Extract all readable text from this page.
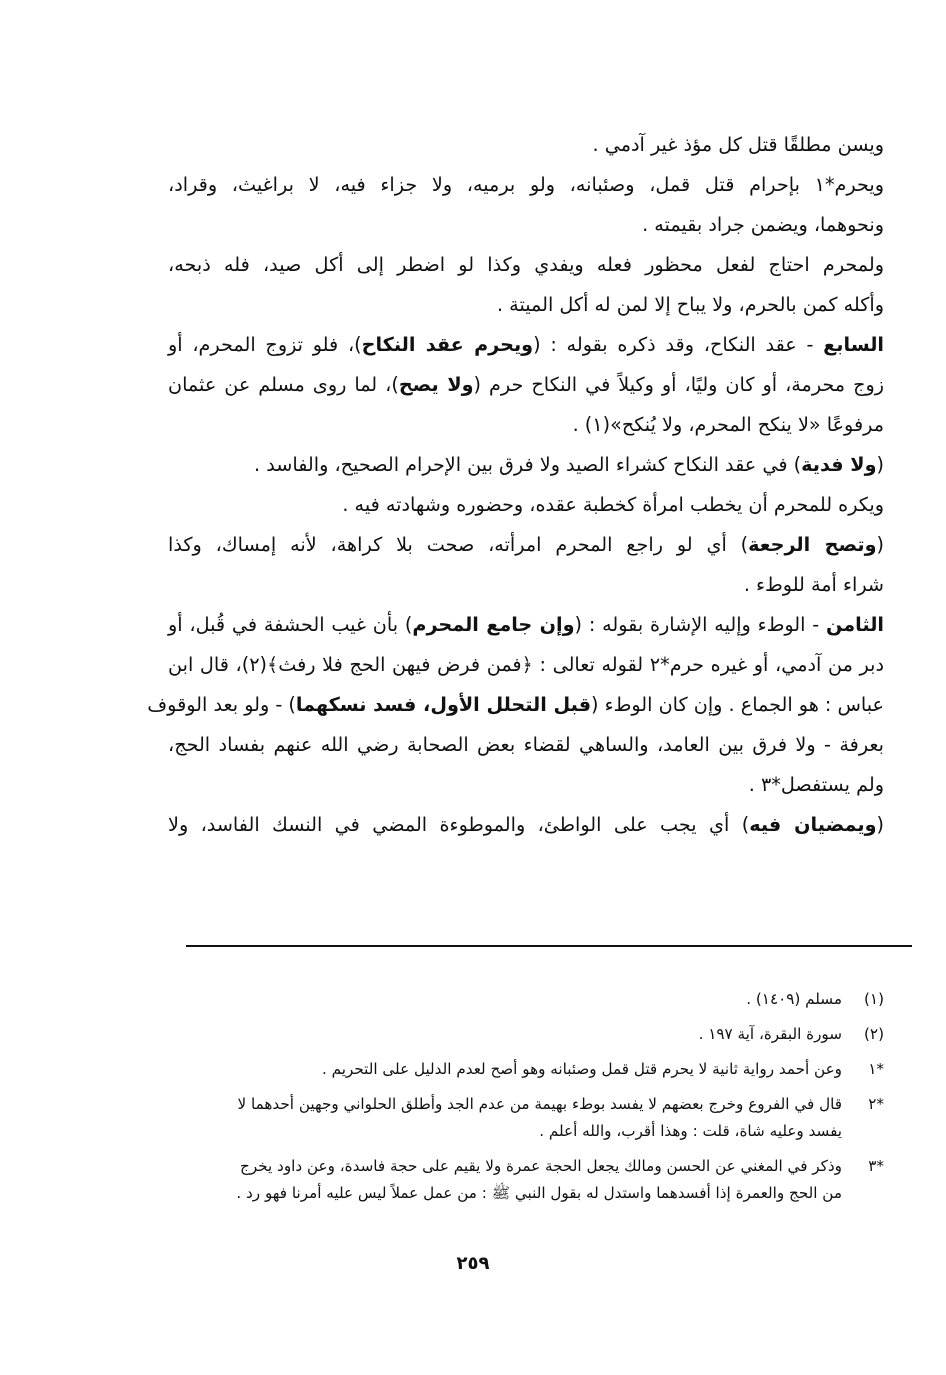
ويسن مطلقًا قتل كل مؤذ غير آدمي .
ويحرم*١ بإحرام قتل قمل، وصئبانه، ولو برميه، ولا جزاء فيه، لا براغيث، وقراد،
ونحوهما، ويضمن جراد بقيمته .
ولمحرم احتاج لفعل محظور فعله ويفدي وكذا لو اضطر إلى أكل صيد، فله ذبحه،
وأكله كمن بالحرم، ولا يباح إلا لمن له أكل الميتة .
السابع - عقد النكاح، وقد ذكره بقوله : (ويحرم عقد النكاح)، فلو تزوج المحرم، أو
زوج محرمة، أو كان وليًا، أو وكيلاً في النكاح حرم (ولا يصح)، لما روى مسلم عن عثمان
مرفوعًا «لا ينكح المحرم، ولا يُنكح»(١) .
(ولا فدية) في عقد النكاح كشراء الصيد ولا فرق بين الإحرام الصحيح، والفاسد .
ويكره للمحرم أن يخطب امرأة كخطبة عقده، وحضوره وشهادته فيه .
(وتصح الرجعة) أي لو راجع المحرم امرأته، صحت بلا كراهة، لأنه إمساك، وكذا
شراء أمة للوطء .
الثامن - الوطء وإليه الإشارة بقوله : (وإن جامع المحرم) بأن غيب الحشفة في قُبل، أو
دبر من آدمي، أو غيره حرم*٢ لقوله تعالى : ﴿فمن فرض فيهن الحج فلا رفث﴾(٢)، قال ابن
عباس : هو الجماع . وإن كان الوطء (قبل التحلل الأول، فسد نسكهما) - ولو بعد الوقوف
بعرفة - ولا فرق بين العامد، والساهي لقضاء بعض الصحابة رضي الله عنهم بفساد الحج،
ولم يستفصل*٣ .
(ويمضيان فيه) أي يجب على الواطئ، والموطوءة المضي في النسك الفاسد، ولا
(١)
مسلم (١٤٠٩) .
(٢)
سورة البقرة، آية ١٩٧ .
*١
وعن أحمد رواية ثانية لا يحرم قتل قمل وصئبانه وهو أصح لعدم الدليل على التحريم .
*٢
قال في الفروع وخرج بعضهم لا يفسد بوطء بهيمة من عدم الجد وأطلق الحلواني وجهين أحدهما لا
يفسد وعليه شاة، قلت : وهذا أقرب، والله أعلم .
*٣
وذكر في المغني عن الحسن ومالك يجعل الحجة عمرة ولا يقيم على حجة فاسدة، وعن داود يخرج
من الحج والعمرة إذا أفسدهما واستدل له بقول النبي ﷺ : من عمل عملاً ليس عليه أمرنا فهو رد .
٢٥٩
